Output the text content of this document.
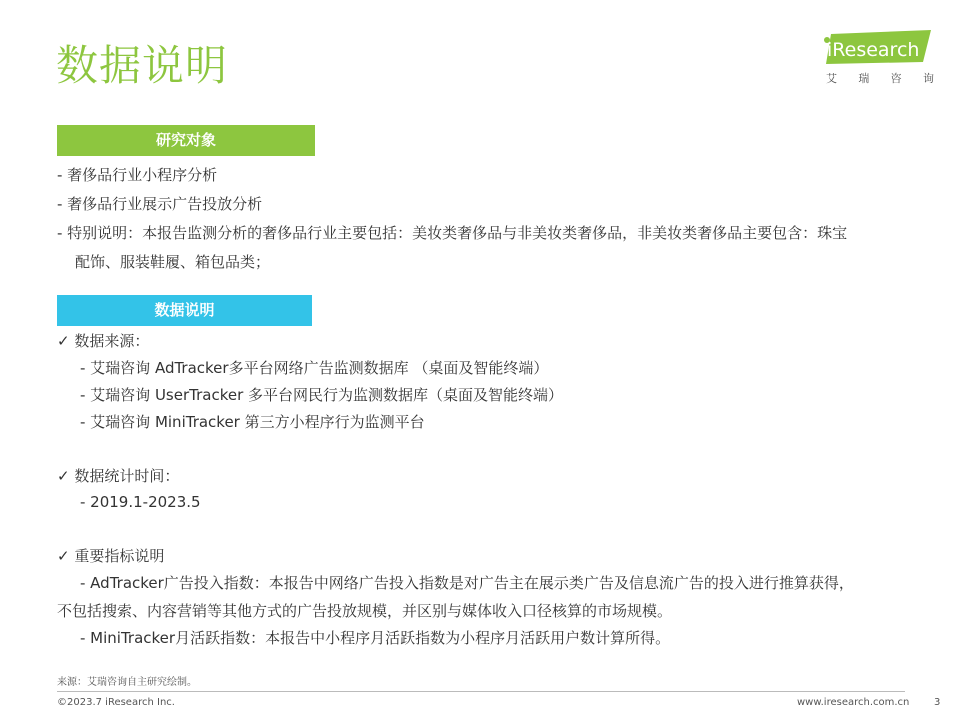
数据说明	iResearch
艾 瑞 咨 询
研究对象
- 奢侈品行业小程序分析
- 奢侈品行业展示广告投放分析
- 特别说明：本报告监测分析的奢侈品行业主要包括：美妆类奢侈品与非美妆类奢侈品，非美妆类奢侈品主要包含：珠宝
配饰、服装鞋履、箱包品类；
数据说明
✓ 数据来源：
- 艾瑞咨询 AdTracker多平台网络广告监测数据库 （桌面及智能终端）
- 艾瑞咨询 UserTracker 多平台网民行为监测数据库（桌面及智能终端）
- 艾瑞咨询 MiniTracker 第三方小程序行为监测平台
✓ 数据统计时间：
- 2019.1-2023.5
✓ 重要指标说明
- AdTracker广告投入指数：本报告中网络广告投入指数是对广告主在展示类广告及信息流广告的投入进行推算获得，
不包括搜索、内容营销等其他方式的广告投放规模，并区别与媒体收入口径核算的市场规模。
- MiniTracker月活跃指数：本报告中小程序月活跃指数为小程序月活跃用户数计算所得。
来源：艾瑞咨询自主研究绘制。
©2023.7 iResearch Inc.	www.iresearch.com.cn 3
